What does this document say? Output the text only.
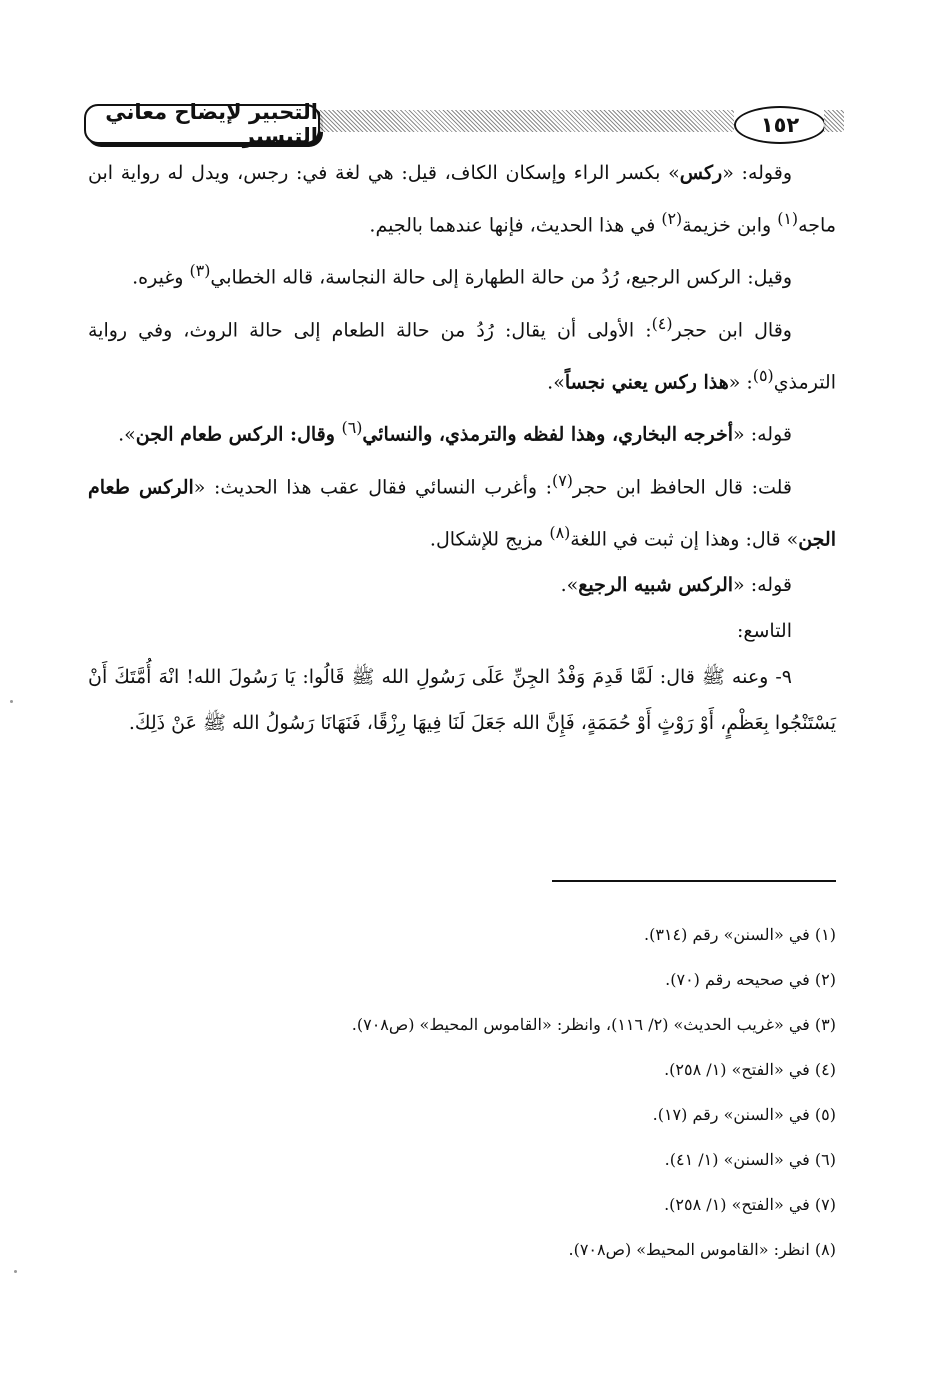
التحبير لإيضاح معاني التيسير	١٥٢

وقوله: «ركس» بكسر الراء وإسكان الكاف، قيل: هي لغة في: رجس، ويدل له رواية ابن ماجه$^{(١)}$ وابن خزيمة$^{(٢)}$ في هذا الحديث، فإنها عندهما بالجيم.

وقيل: الركس الرجيع، رُدُ من حالة الطهارة إلى حالة النجاسة، قاله الخطابي$^{(٣)}$ وغيره.

وقال ابن حجر$^{(٤)}$: الأولى أن يقال: رُدُ من حالة الطعام إلى حالة الروث، وفي رواية الترمذي$^{(٥)}$: «هذا ركس يعني نجساً».

قوله: «أخرجه البخاري، وهذا لفظه والترمذي، والنسائي$^{(٦)}$ وقال: الركس طعام الجن».

قلت: قال الحافظ ابن حجر$^{(٧)}$: وأغرب النسائي فقال عقب هذا الحديث: «الركس طعام الجن» قال: وهذا إن ثبت في اللغة$^{(٨)}$ مزيج للإشكال.

قوله: «الركس شبيه الرجيع».

التاسع:

٩- وعنه ﷺ قال: لَمَّا قَدِمَ وَفْدُ الجِنِّ عَلَى رَسُولِ الله ﷺ قَالُوا: يَا رَسُولَ الله! انْهَ أُمَّتَكَ أَنْ يَسْتَنْجُوا بِعَظْمٍ، أَوْ رَوْثٍ أَوْ حُمَمَةٍ، فَإِنَّ الله جَعَلَ لَنَا فِيهَا رِزْقًا، فَنَهَانَا رَسُولُ الله ﷺ عَنْ ذَلِكَ.

(١) في «السنن» رقم (٣١٤).

(٢) في صحيحه رقم (٧٠).

(٣) في «غريب الحديث» (٢/ ١١٦)، وانظر: «القاموس المحيط» (ص٧٠٨).

(٤) في «الفتح» (١/ ٢٥٨).

(٥) في «السنن» رقم (١٧).

(٦) في «السنن» (١/ ٤١).

(٧) في «الفتح» (١/ ٢٥٨).

(٨) انظر: «القاموس المحيط» (ص٧٠٨).
